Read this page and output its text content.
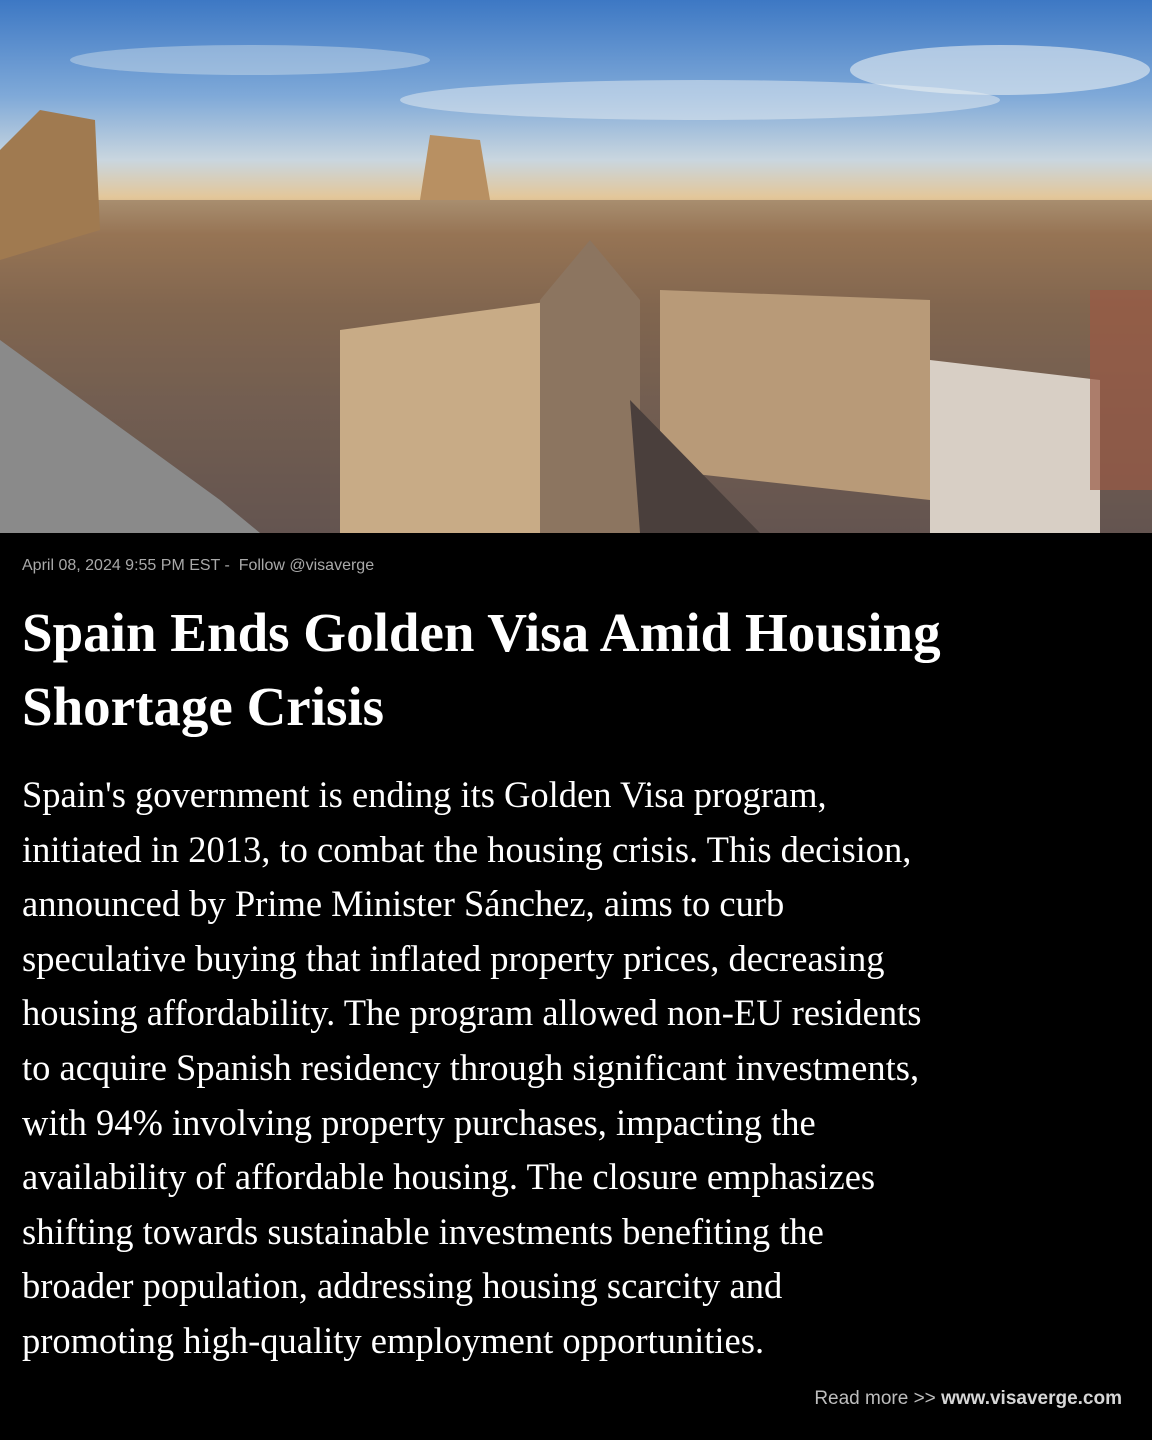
April 08, 2024 9:55 PM EST - Follow @visaverge
Spain Ends Golden Visa Amid Housing Shortage Crisis
Spain's government is ending its Golden Visa program,
initiated in 2013, to combat the housing crisis. This decision,
announced by Prime Minister Sánchez, aims to curb
speculative buying that inflated property prices, decreasing
housing affordability. The program allowed non-EU residents
to acquire Spanish residency through significant investments,
with 94% involving property purchases, impacting the
availability of affordable housing. The closure emphasizes
shifting towards sustainable investments benefiting the
broader population, addressing housing scarcity and
promoting high-quality employment opportunities.
Read more >> www.visaverge.com
